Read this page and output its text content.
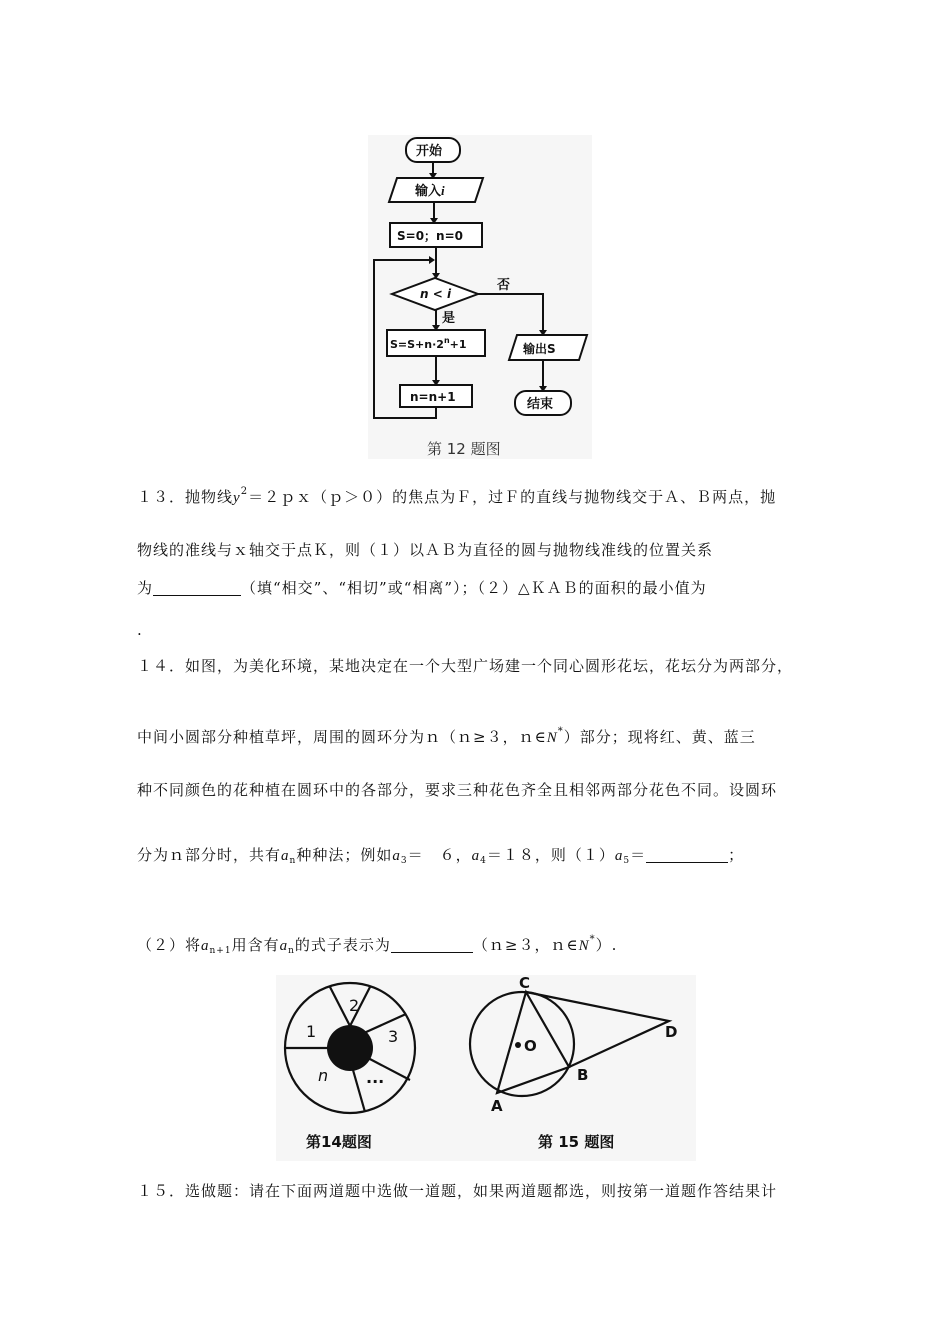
开始
输入i
S=0；n=0
n < i
否
是
$S=S+n\cdot 2^n+1$
n=n+1
输出S
结束
第 12 题图
１３．抛物线$y^2=2px(p>0)$的焦点为Ｆ，过Ｆ的直线与抛物线交于Ａ、Ｂ两点，抛
物线的准线与ｘ轴交于点Ｋ，则（１）以ＡＢ为直径的圆与抛物线准线的位置关系
为	（填“相交”、“相切”或“相离”）；（２）△ＫＡＢ的面积的最小值为
.
１４．如图，为美化环境，某地决定在一个大型广场建一个同心圆形花坛，花坛分为两部分，
中间小圆部分种植草坪，周围的圆环分为ｎ（ｎ≥３，ｎ∈N*）部分；现将红、黄、蓝三
种不同颜色的花种植在圆环中的各部分，要求三种花色齐全且相邻两部分花色不同。设圆环
分为ｎ部分时，共有$a_n$种种法；例如$a_3=$　６，$a_4=18$，则$(1)a_5=$	；
（２）将$a_{n+1}$用含有$a_n$的式子表示为	（ｎ≥３，ｎ∈N*）.
1
2
3
n ...
第14题图
C
D
O
B
A
第 15 题图
１５．选做题：请在下面两道题中选做一道题，如果两道题都选，则按第一道题作答结果计
